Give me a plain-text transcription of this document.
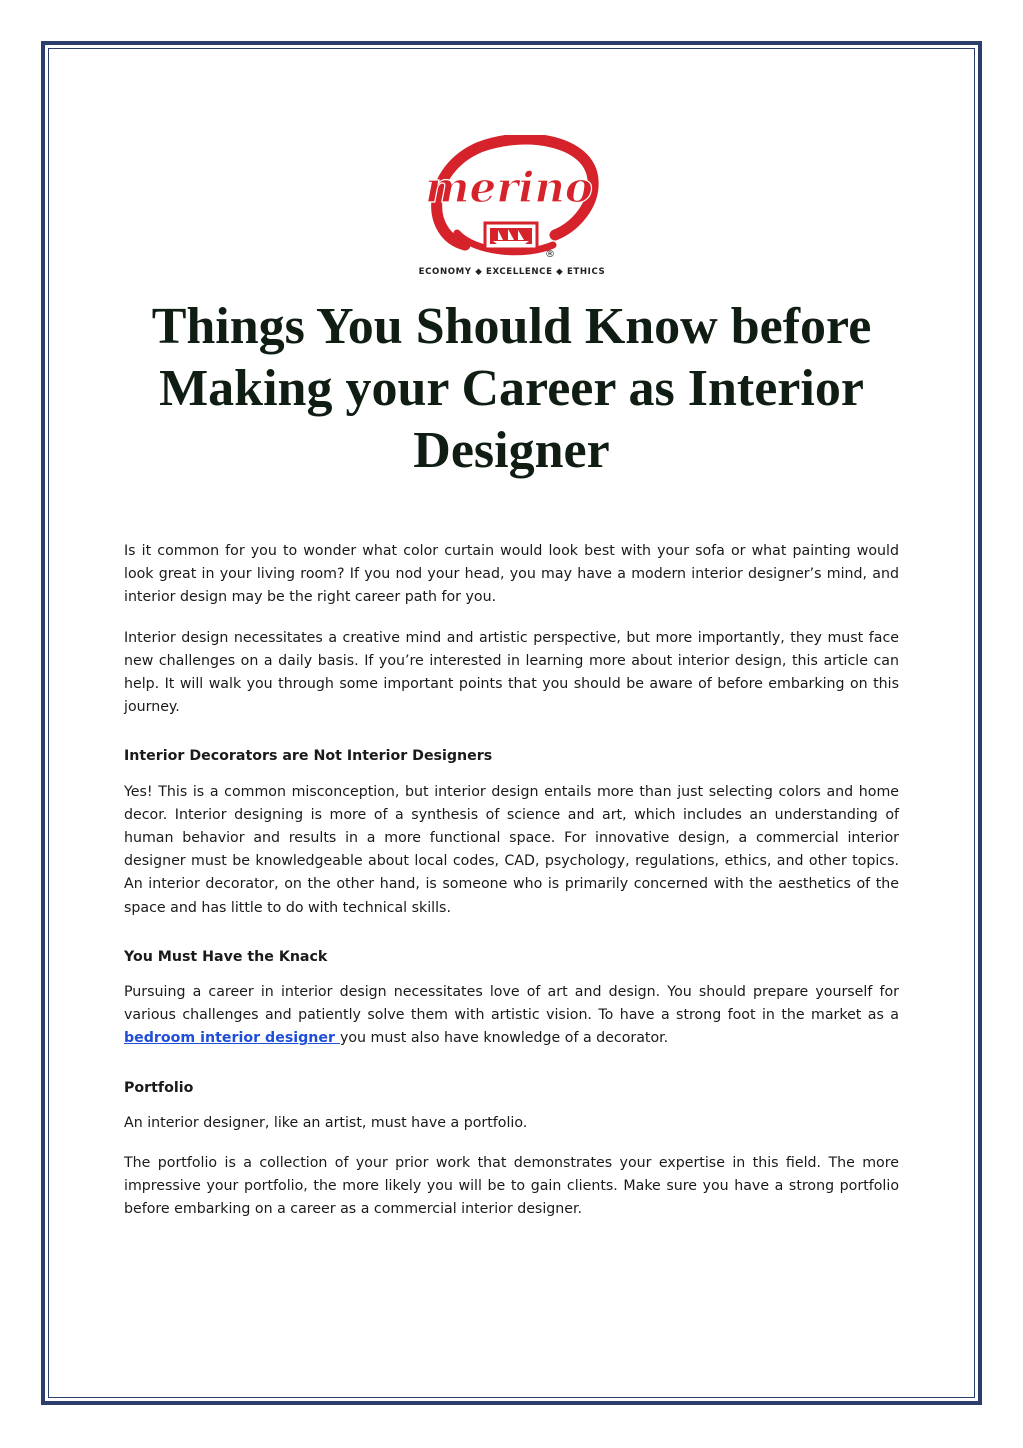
merino
®
ECONOMY ◆ EXCELLENCE ◆ ETHICS
Things You Should Know before Making your Career as Interior Designer

Is it common for you to wonder what color curtain would look best with your sofa or what painting would look great in your living room? If you nod your head, you may have a modern interior designer’s mind, and interior design may be the right career path for you.

Interior design necessitates a creative mind and artistic perspective, but more importantly, they must face new challenges on a daily basis. If you’re interested in learning more about interior design, this article can help. It will walk you through some important points that you should be aware of before embarking on this journey.

Interior Decorators are Not Interior Designers

Yes! This is a common misconception, but interior design entails more than just selecting colors and home decor. Interior designing is more of a synthesis of science and art, which includes an understanding of human behavior and results in a more functional space. For innovative design, a commercial interior designer must be knowledgeable about local codes, CAD, psychology, regulations, ethics, and other topics. An interior decorator, on the other hand, is someone who is primarily concerned with the aesthetics of the space and has little to do with technical skills.

You Must Have the Knack

Pursuing a career in interior design necessitates love of art and design. You should prepare yourself for various challenges and patiently solve them with artistic vision. To have a strong foot in the market as a bedroom interior designer you must also have knowledge of a decorator.

Portfolio

An interior designer, like an artist, must have a portfolio.

The portfolio is a collection of your prior work that demonstrates your expertise in this field. The more impressive your portfolio, the more likely you will be to gain clients. Make sure you have a strong portfolio before embarking on a career as a commercial interior designer.
